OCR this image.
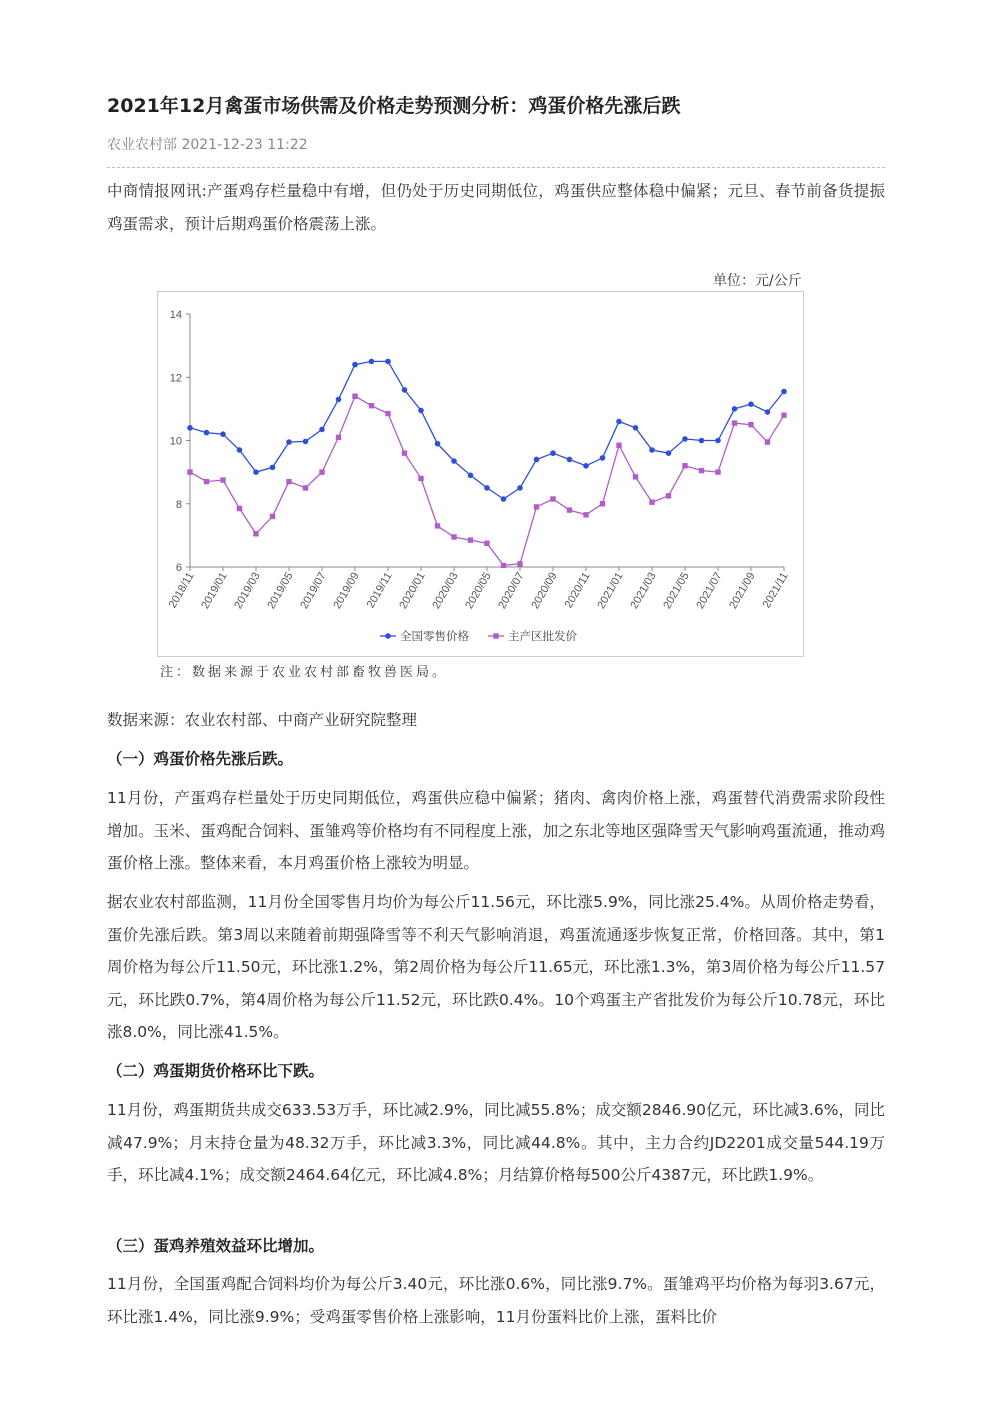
2021年12月禽蛋市场供需及价格走势预测分析：鸡蛋价格先涨后跌
农业农村部 2021-12-23 11:22
中商情报网讯:产蛋鸡存栏量稳中有增，但仍处于历史同期低位，鸡蛋供应整体稳中偏紧；元旦、春节前备货提振鸡蛋需求，预计后期鸡蛋价格震荡上涨。
单位：元/公斤
6
8
10
12
14
2018/11 2019/01 2019/03 2019/05 2019/07 2019/09 2019/11 2020/01 2020/03 2020/05 2020/07 2020/09 2020/11 2021/01 2021/03 2021/05 2021/07 2021/09 2021/11
全国零售价格	主产区批发价
注：数据来源于农业农村部畜牧兽医局。
数据来源：农业农村部、中商产业研究院整理
（一）鸡蛋价格先涨后跌。
11月份，产蛋鸡存栏量处于历史同期低位，鸡蛋供应稳中偏紧；猪肉、禽肉价格上涨，鸡蛋替代消费需求阶段性增加。玉米、蛋鸡配合饲料、蛋雏鸡等价格均有不同程度上涨，加之东北等地区强降雪天气影响鸡蛋流通，推动鸡蛋价格上涨。整体来看，本月鸡蛋价格上涨较为明显。
据农业农村部监测，11月份全国零售月均价为每公斤11.56元，环比涨5.9%，同比涨25.4%。从周价格走势看，蛋价先涨后跌。第3周以来随着前期强降雪等不利天气影响消退，鸡蛋流通逐步恢复正常，价格回落。其中，第1周价格为每公斤11.50元，环比涨1.2%，第2周价格为每公斤11.65元，环比涨1.3%，第3周价格为每公斤11.57元，环比跌0.7%，第4周价格为每公斤11.52元，环比跌0.4%。10个鸡蛋主产省批发价为每公斤10.78元，环比涨8.0%，同比涨41.5%。
（二）鸡蛋期货价格环比下跌。
11月份，鸡蛋期货共成交633.53万手，环比减2.9%，同比减55.8%；成交额2846.90亿元，环比减3.6%，同比减47.9%；月末持仓量为48.32万手，环比减3.3%，同比减44.8%。其中，主力合约JD2201成交量544.19万手，环比减4.1%；成交额2464.64亿元，环比减4.8%；月结算价格每500公斤4387元，环比跌1.9%。
（三）蛋鸡养殖效益环比增加。
11月份，全国蛋鸡配合饲料均价为每公斤3.40元，环比涨0.6%，同比涨9.7%。蛋雏鸡平均价格为每羽3.67元，环比涨1.4%，同比涨9.9%；受鸡蛋零售价格上涨影响，11月份蛋料比价上涨，蛋料比价
